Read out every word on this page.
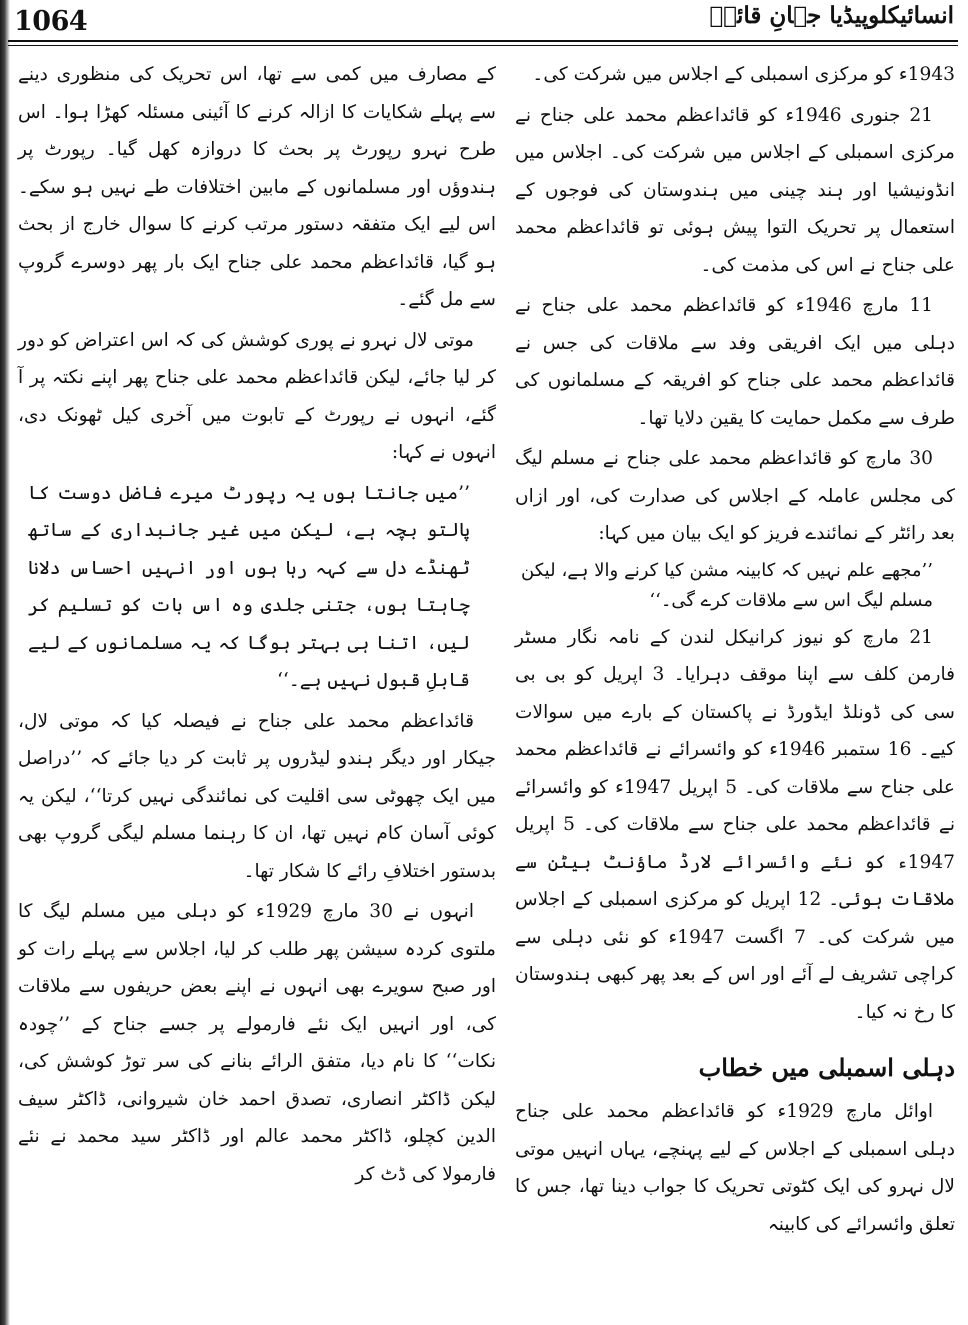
1064	انسائیکلوپیڈیا جہانِ قائدؒ

1943ء کو مرکزی اسمبلی کے اجلاس میں شرکت کی۔

21 جنوری 1946ء کو قائداعظم محمد علی جناح نے مرکزی اسمبلی کے اجلاس میں شرکت کی۔ اجلاس میں انڈونیشیا اور ہند چینی میں ہندوستان کی فوجوں کے استعمال پر تحریک التوا پیش ہوئی تو قائداعظم محمد علی جناح نے اس کی مذمت کی۔

11 مارچ 1946ء کو قائداعظم محمد علی جناح نے دہلی میں ایک افریقی وفد سے ملاقات کی جس نے قائداعظم محمد علی جناح کو افریقہ کے مسلمانوں کی طرف سے مکمل حمایت کا یقین دلایا تھا۔

30 مارچ کو قائداعظم محمد علی جناح نے مسلم لیگ کی مجلس عاملہ کے اجلاس کی صدارت کی، اور ازاں بعد رائٹر کے نمائندے فریز کو ایک بیان میں کہا:

’’مجھے علم نہیں کہ کابینہ مشن کیا کرنے والا ہے، لیکن مسلم لیگ اس سے ملاقات کرے گی۔‘‘

21 مارچ کو نیوز کرانیکل لندن کے نامہ نگار مسٹر فارمن کلف سے اپنا موقف دہرایا۔ 3 اپریل کو بی بی سی کی ڈونلڈ ایڈورڈ نے پاکستان کے بارے میں سوالات کیے۔ 16 ستمبر 1946ء کو وائسرائے نے قائداعظم محمد علی جناح سے ملاقات کی۔ 5 اپریل 1947ء کو وائسرائے نے قائداعظم محمد علی جناح سے ملاقات کی۔ 5 اپریل 1947ء کو نئے وائسرائے لارڈ ماؤنٹ بیٹن سے ملاقات ہوئی۔ 12 اپریل کو مرکزی اسمبلی کے اجلاس میں شرکت کی۔ 7 اگست 1947ء کو نئی دہلی سے کراچی تشریف لے آئے اور اس کے بعد پھر کبھی ہندوستان کا رخ نہ کیا۔

دہلی اسمبلی میں خطاب

اوائل مارچ 1929ء کو قائداعظم محمد علی جناح دہلی اسمبلی کے اجلاس کے لیے پہنچے، یہاں انہیں موتی لال نہرو کی ایک کٹوتی تحریک کا جواب دینا تھا، جس کا تعلق وائسرائے کی کابینہ

کے مصارف میں کمی سے تھا، اس تحریک کی منظوری دینے سے پہلے شکایات کا ازالہ کرنے کا آئینی مسئلہ کھڑا ہوا۔ اس طرح نہرو رپورٹ پر بحث کا دروازہ کھل گیا۔ رپورٹ پر ہندوؤں اور مسلمانوں کے مابین اختلافات طے نہیں ہو سکے۔ اس لیے ایک متفقہ دستور مرتب کرنے کا سوال خارج از بحث ہو گیا، قائداعظم محمد علی جناح ایک بار پھر دوسرے گروپ سے مل گئے۔

موتی لال نہرو نے پوری کوشش کی کہ اس اعتراض کو دور کر لیا جائے، لیکن قائداعظم محمد علی جناح پھر اپنے نکتہ پر آ گئے، انہوں نے رپورٹ کے تابوت میں آخری کیل ٹھونک دی، انہوں نے کہا:

’’میں جانتا ہوں یہ رپورٹ میرے فاضل دوست کا پالتو بچہ ہے، لیکن میں غیر جانبداری کے ساتھ ٹھنڈے دل سے کہہ رہا ہوں اور انہیں احساس دلانا چاہتا ہوں، جتنی جلدی وہ اس بات کو تسلیم کر لیں، اتنا ہی بہتر ہوگا کہ یہ مسلمانوں کے لیے قابلِ قبول نہیں ہے۔‘‘

قائداعظم محمد علی جناح نے فیصلہ کیا کہ موتی لال، جیکار اور دیگر ہندو لیڈروں پر ثابت کر دیا جائے کہ ’’دراصل میں ایک چھوٹی سی اقلیت کی نمائندگی نہیں کرتا‘‘، لیکن یہ کوئی آسان کام نہیں تھا، ان کا رہنما مسلم لیگی گروپ بھی بدستور اختلافِ رائے کا شکار تھا۔

انہوں نے 30 مارچ 1929ء کو دہلی میں مسلم لیگ کا ملتوی کردہ سیشن پھر طلب کر لیا، اجلاس سے پہلے رات کو اور صبح سویرے بھی انہوں نے اپنے بعض حریفوں سے ملاقات کی، اور انہیں ایک نئے فارمولے پر جسے جناح کے ’’چودہ نکات‘‘ کا نام دیا، متفق الرائے بنانے کی سر توڑ کوشش کی، لیکن ڈاکٹر انصاری، تصدق احمد خان شیروانی، ڈاکٹر سیف الدین کچلو، ڈاکٹر محمد عالم اور ڈاکٹر سید محمد نے نئے فارمولا کی ڈٹ کر
